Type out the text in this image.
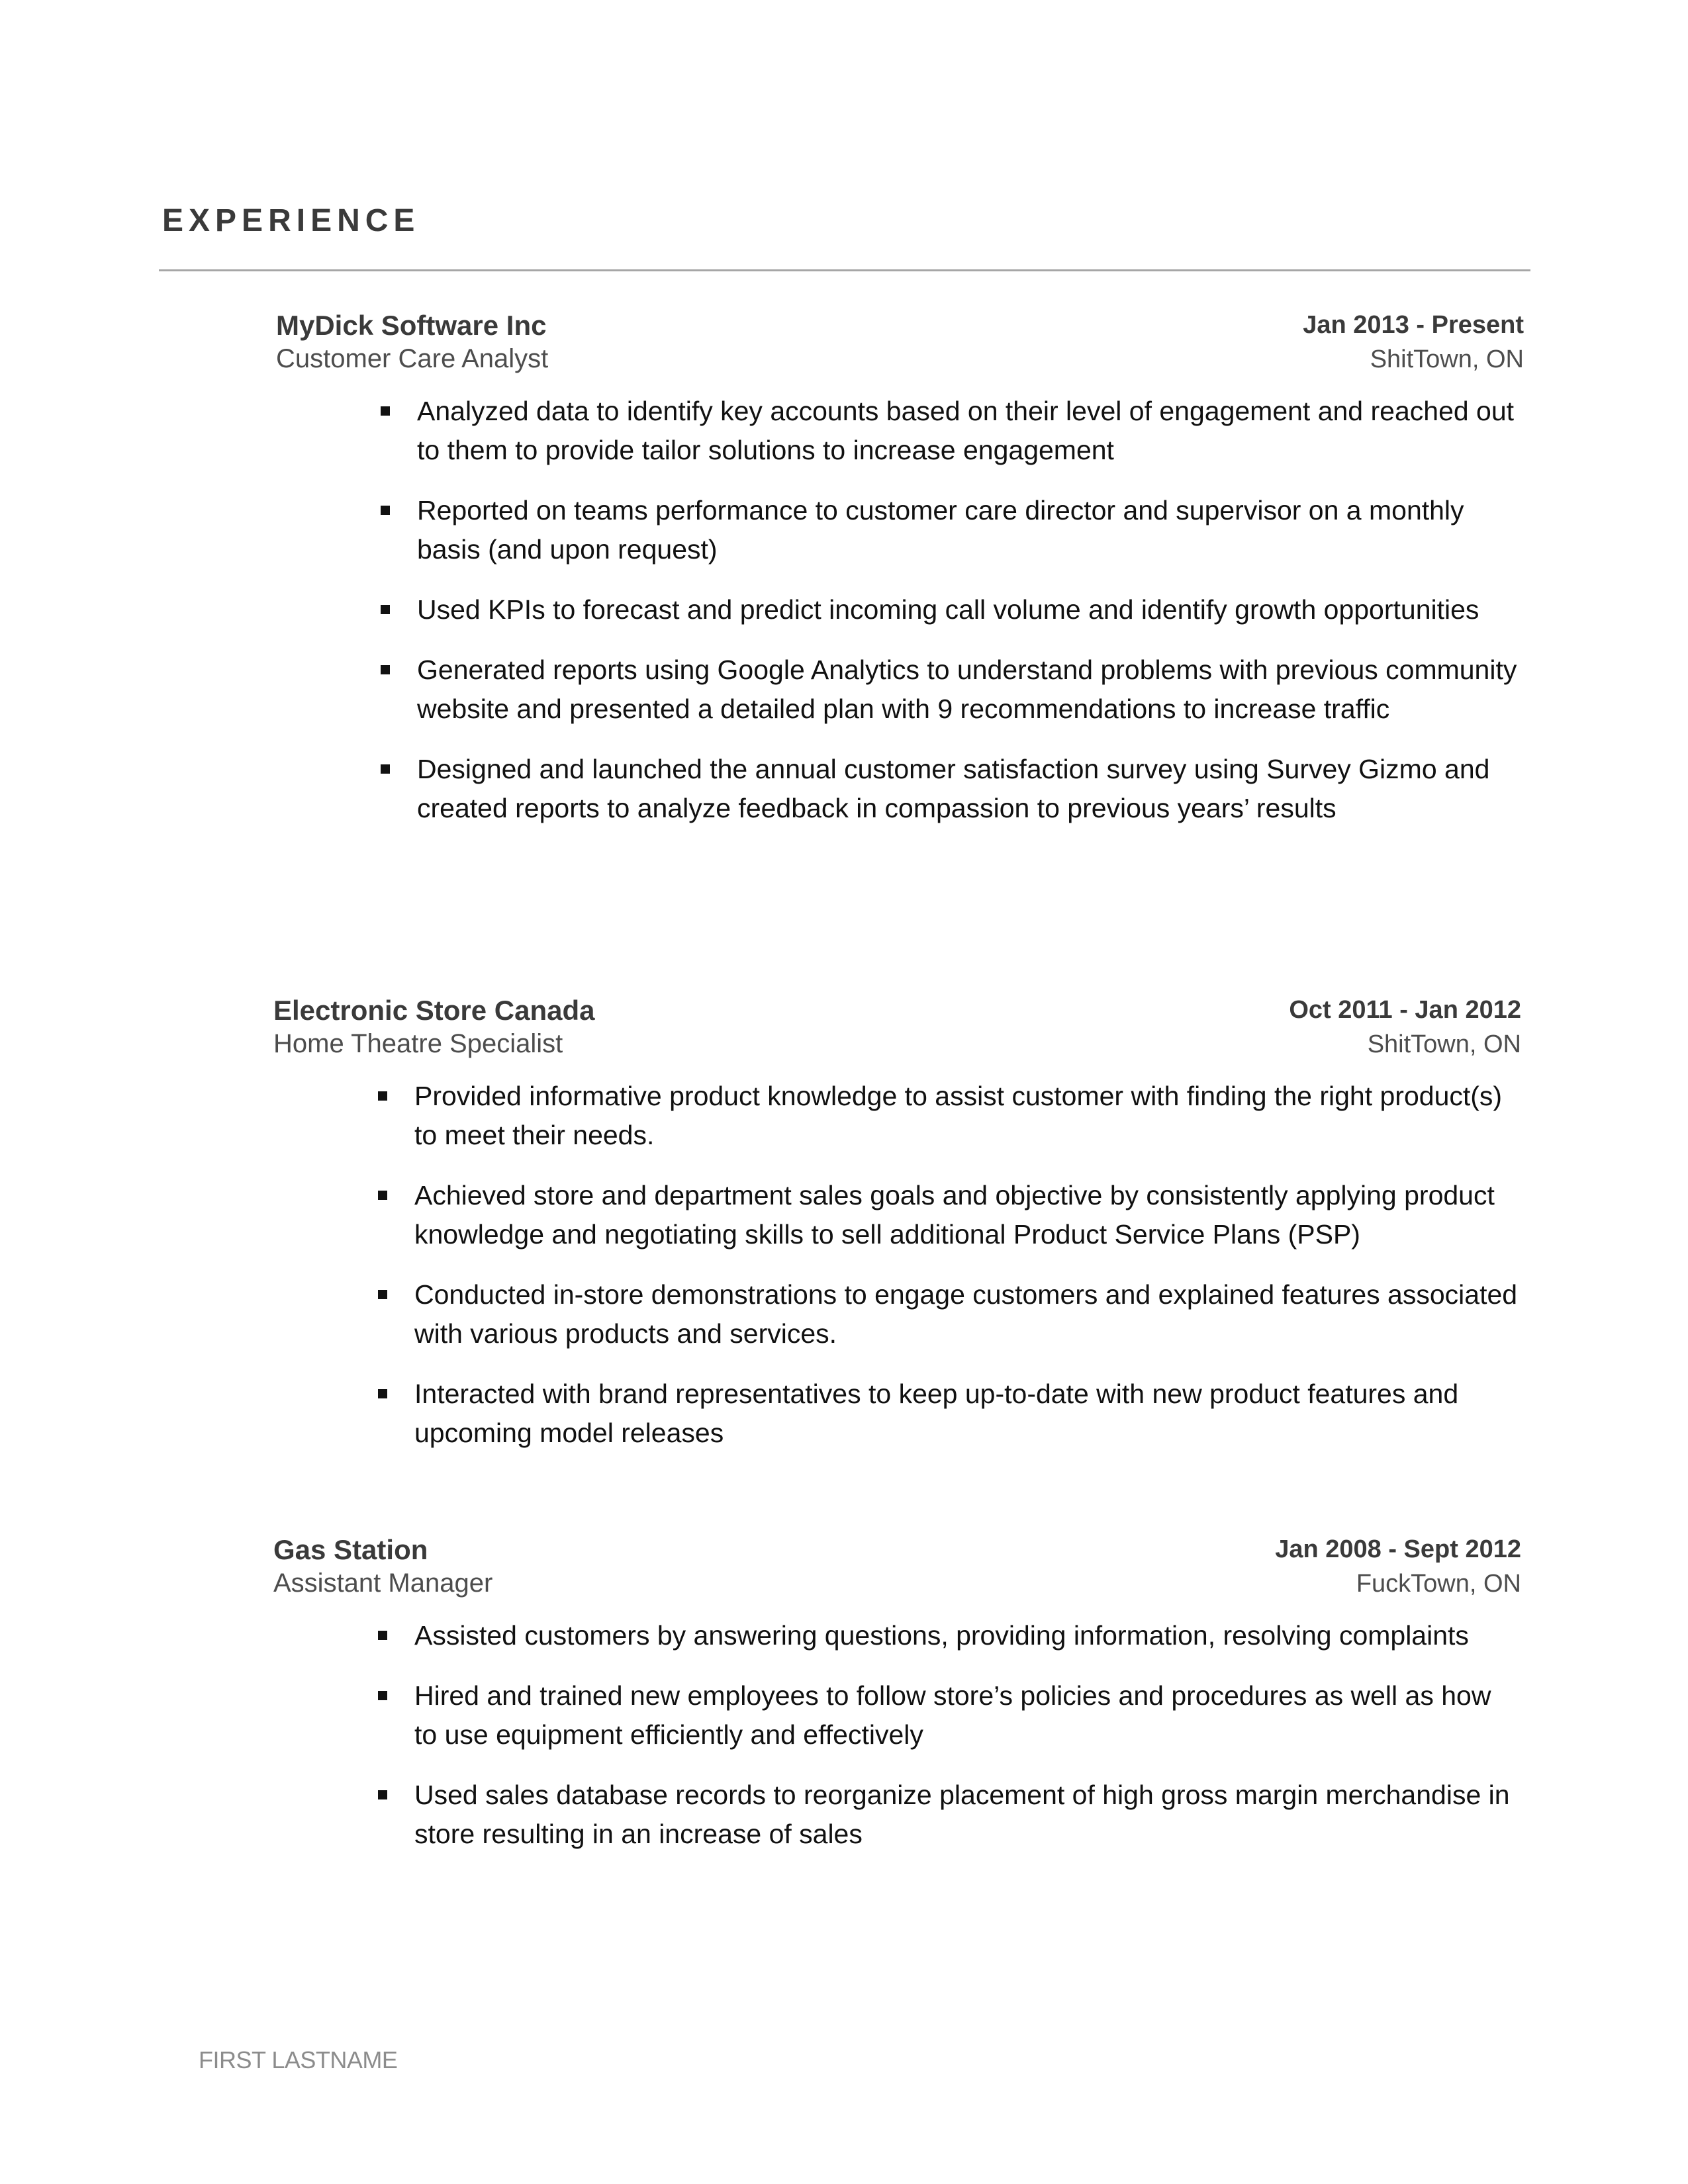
EXPERIENCE
MyDick Software Inc
Customer Care Analyst
Jan 2013 - Present
ShitTown, ON
Analyzed data to identify key accounts based on their level of engagement and reached out to them to provide tailor solutions to increase engagement
Reported on teams performance to customer care director and supervisor on a monthly basis (and upon request)
Used KPIs to forecast and predict incoming call volume and identify growth opportunities
Generated reports using Google Analytics to understand problems with previous community website and presented a detailed plan with 9 recommendations to increase traffic
Designed and launched the annual customer satisfaction survey using Survey Gizmo and created reports to analyze feedback in compassion to previous years’ results
Electronic Store Canada
Home Theatre Specialist
Oct 2011 - Jan 2012
ShitTown, ON
Provided informative product knowledge to assist customer with finding the right product(s) to meet their needs.
Achieved store and department sales goals and objective by consistently applying product knowledge and negotiating skills to sell additional Product Service Plans (PSP)
Conducted in-store demonstrations to engage customers and explained features associated with various products and services.
Interacted with brand representatives to keep up-to-date with new product features and upcoming model releases
Gas Station
Assistant Manager
Jan 2008 - Sept 2012
FuckTown, ON
Assisted customers by answering questions, providing information, resolving complaints
Hired and trained new employees to follow store’s policies and procedures as well as how to use equipment efficiently and effectively
Used sales database records to reorganize placement of high gross margin merchandise in store resulting in an increase of sales
FIRST LASTNAME
